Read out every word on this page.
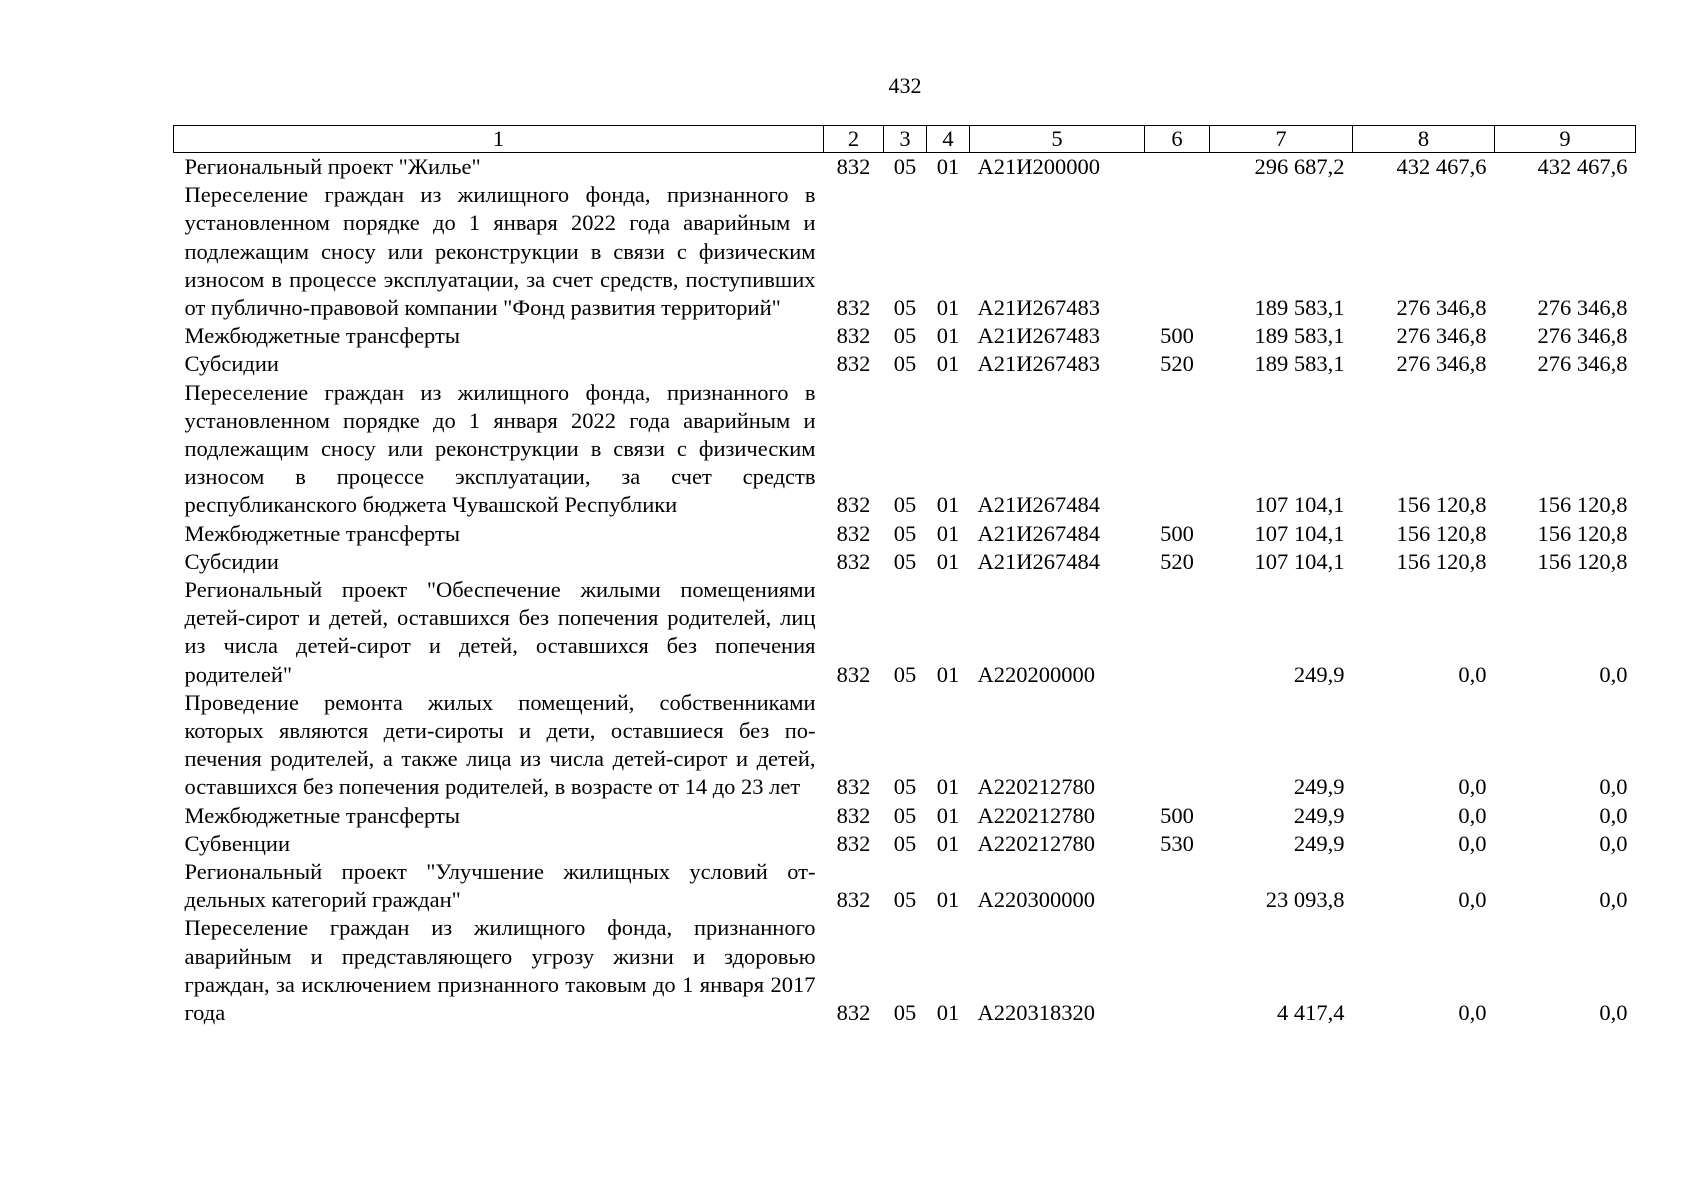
432
1	2	3	4	5	6	7	8	9
Региональный проект "Жилье"	832	05	01	А21И200000		296 687,2	432 467,6	432 467,6
Переселение граждан из жилищного фонда, признанного в установленном порядке до 1 января 2022 года аварийным и подлежащим сносу или реконструкции в связи с физическим износом в процессе эксплуатации, за счет средств, поступивших от публично-правовой компании "Фонд развития территорий"	832	05	01	А21И267483		189 583,1	276 346,8	276 346,8
Межбюджетные трансферты	832	05	01	А21И267483	500	189 583,1	276 346,8	276 346,8
Субсидии	832	05	01	А21И267483	520	189 583,1	276 346,8	276 346,8
Переселение граждан из жилищного фонда, признанного в установленном порядке до 1 января 2022 года аварийным и подлежащим сносу или реконструкции в связи с физическим износом в процессе эксплуатации, за счет средств республиканского бюджета Чувашской Республики	832	05	01	А21И267484		107 104,1	156 120,8	156 120,8
Межбюджетные трансферты	832	05	01	А21И267484	500	107 104,1	156 120,8	156 120,8
Субсидии	832	05	01	А21И267484	520	107 104,1	156 120,8	156 120,8
Региональный проект "Обеспечение жилыми помещениями детей-сирот и детей, оставшихся без попечения родителей, лиц из числа детей-сирот и детей, оставшихся без попечения родителей"	832	05	01	А220200000		249,9	0,0	0,0
Проведение ремонта жилых помещений, собственниками которых являются дети-сироты и дети, оставшиеся без попечения родителей, а также лица из числа детей-сирот и детей, оставшихся без попечения родителей, в возрасте от 14 до 23 лет	832	05	01	А220212780		249,9	0,0	0,0
Межбюджетные трансферты	832	05	01	А220212780	500	249,9	0,0	0,0
Субвенции	832	05	01	А220212780	530	249,9	0,0	0,0
Региональный проект "Улучшение жилищных условий отдельных категорий граждан"	832	05	01	А220300000		23 093,8	0,0	0,0
Переселение граждан из жилищного фонда, признанного аварийным и представляющего угрозу жизни и здоровью граждан, за исключением признанного таковым до 1 января 2017 года	832	05	01	А220318320		4 417,4	0,0	0,0
